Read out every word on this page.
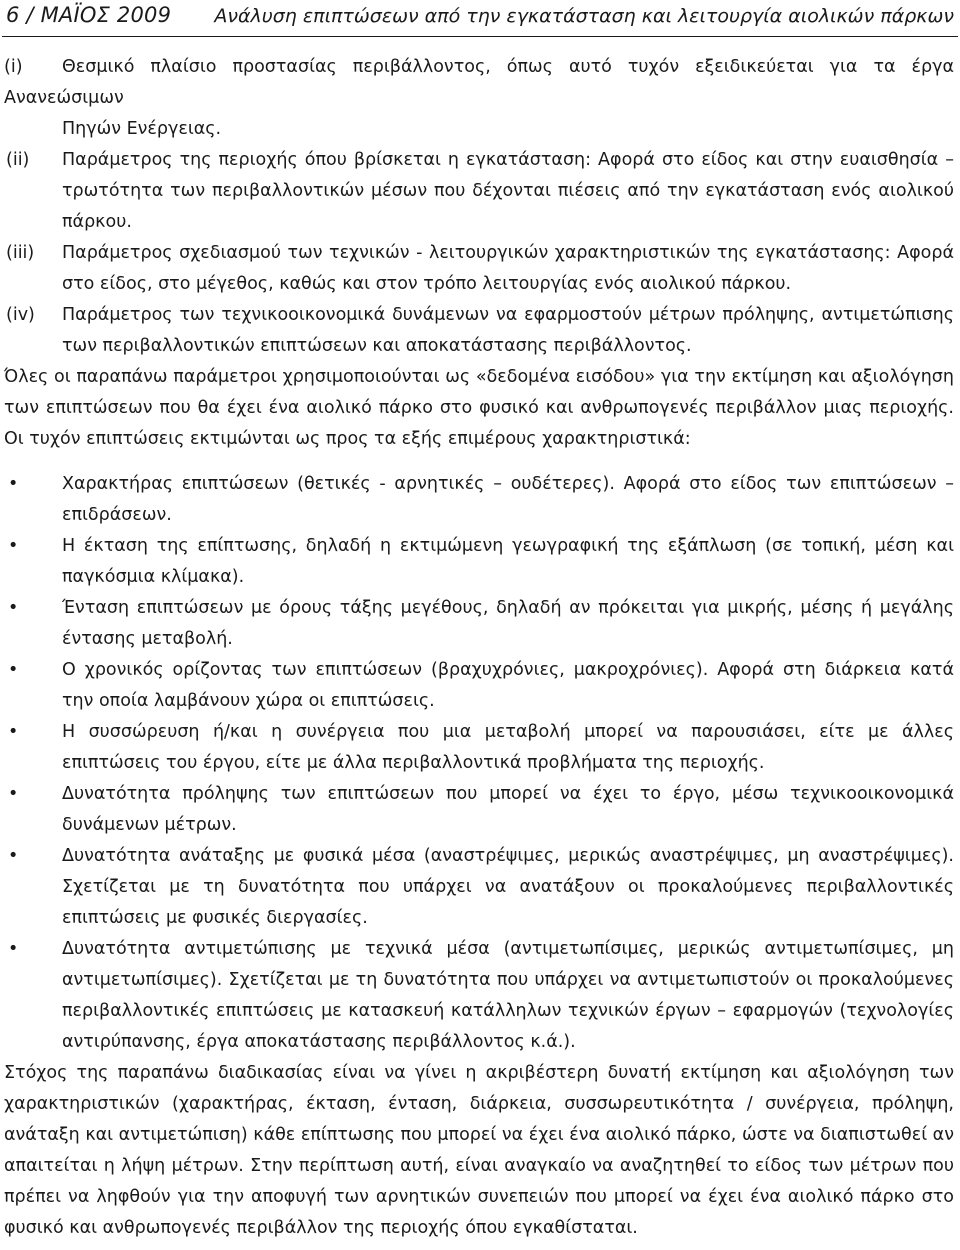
6 / ΜΑΪΟΣ 2009 Ανάλυση επιπτώσεων από την εγκατάσταση και λειτουργία αιολικών πάρκων
(i) Θεσμικό πλαίσιο προστασίας περιβάλλοντος, όπως αυτό τυχόν εξειδικεύεται για τα έργα Ανανεώσιμων
Πηγών Ενέργειας.
(ii) Παράμετρος της περιοχής όπου βρίσκεται η εγκατάσταση: Αφορά στο είδος και στην ευαισθησία – τρωτότητα των περιβαλλοντικών μέσων που δέχονται πιέσεις από την εγκατάσταση ενός αιολικού πάρκου.
(iii) Παράμετρος σχεδιασμού των τεχνικών - λειτουργικών χαρακτηριστικών της εγκατάστασης: Αφορά στο είδος, στο μέγεθος, καθώς και στον τρόπο λειτουργίας ενός αιολικού πάρκου.
(iv) Παράμετρος των τεχνικοοικονομικά δυνάμενων να εφαρμοστούν μέτρων πρόληψης, αντιμετώπισης των περιβαλλοντικών επιπτώσεων και αποκατάστασης περιβάλλοντος.

Όλες οι παραπάνω παράμετροι χρησιμοποιούνται ως «δεδομένα εισόδου» για την εκτίμηση και αξιολόγηση των επιπτώσεων που θα έχει ένα αιολικό πάρκο στο φυσικό και ανθρωπογενές περιβάλλον μιας περιοχής. Οι τυχόν επιπτώσεις εκτιμώνται ως προς τα εξής επιμέρους χαρακτηριστικά:

• Χαρακτήρας επιπτώσεων (θετικές - αρνητικές – ουδέτερες). Αφορά στο είδος των επιπτώσεων – επιδράσεων.
• Η έκταση της επίπτωσης, δηλαδή η εκτιμώμενη γεωγραφική της εξάπλωση (σε τοπική, μέση και παγκόσμια κλίμακα).
• Ένταση επιπτώσεων με όρους τάξης μεγέθους, δηλαδή αν πρόκειται για μικρής, μέσης ή μεγάλης έντασης μεταβολή.
• Ο χρονικός ορίζοντας των επιπτώσεων (βραχυχρόνιες, μακροχρόνιες). Αφορά στη διάρκεια κατά την οποία λαμβάνουν χώρα οι επιπτώσεις.
• Η συσσώρευση ή/και η συνέργεια που μια μεταβολή μπορεί να παρουσιάσει, είτε με άλλες επιπτώσεις του έργου, είτε με άλλα περιβαλλοντικά προβλήματα της περιοχής.
• Δυνατότητα πρόληψης των επιπτώσεων που μπορεί να έχει το έργο, μέσω τεχνικοοικονομικά δυνάμενων μέτρων.
• Δυνατότητα ανάταξης με φυσικά μέσα (αναστρέψιμες, μερικώς αναστρέψιμες, μη αναστρέψιμες). Σχετίζεται με τη δυνατότητα που υπάρχει να ανατάξουν οι προκαλούμενες περιβαλλοντικές επιπτώσεις με φυσικές διεργασίες.
• Δυνατότητα αντιμετώπισης με τεχνικά μέσα (αντιμετωπίσιμες, μερικώς αντιμετωπίσιμες, μη αντιμετωπίσιμες). Σχετίζεται με τη δυνατότητα που υπάρχει να αντιμετωπιστούν οι προκαλούμενες περιβαλλοντικές επιπτώσεις με κατασκευή κατάλληλων τεχνικών έργων – εφαρμογών (τεχνολογίες αντιρύπανσης, έργα αποκατάστασης περιβάλλοντος κ.ά.).

Στόχος της παραπάνω διαδικασίας είναι να γίνει η ακριβέστερη δυνατή εκτίμηση και αξιολόγηση των χαρακτηριστικών (χαρακτήρας, έκταση, ένταση, διάρκεια, συσσωρευτικότητα / συνέργεια, πρόληψη, ανάταξη και αντιμετώπιση) κάθε επίπτωσης που μπορεί να έχει ένα αιολικό πάρκο, ώστε να διαπιστωθεί αν απαιτείται η λήψη μέτρων. Στην περίπτωση αυτή, είναι αναγκαίο να αναζητηθεί το είδος των μέτρων που πρέπει να ληφθούν για την αποφυγή των αρνητικών συνεπειών που μπορεί να έχει ένα αιολικό πάρκο στο φυσικό και ανθρωπογενές περιβάλλον της περιοχής όπου εγκαθίσταται.
